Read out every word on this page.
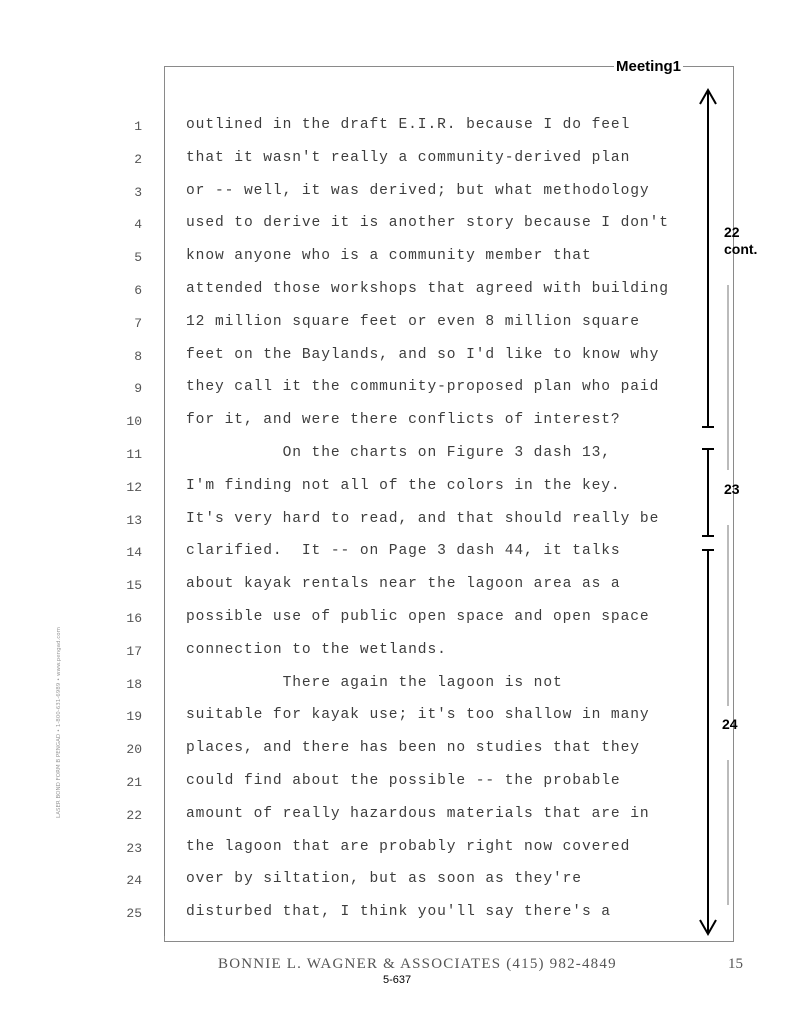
Meeting1
1	outlined in the draft E.I.R. because I do feel
2	that it wasn't really a community-derived plan
3	or -- well, it was derived; but what methodology
4	used to derive it is another story because I don't
5	know anyone who is a community member that
6	attended those workshops that agreed with building
7	12 million square feet or even 8 million square
8	feet on the Baylands, and so I'd like to know why
9	they call it the community-proposed plan who paid
10	for it, and were there conflicts of interest?
11	On the charts on Figure 3 dash 13,
12	I'm finding not all of the colors in the key.
13	It's very hard to read, and that should really be
14	clarified.  It -- on Page 3 dash 44, it talks
15	about kayak rentals near the lagoon area as a
16	possible use of public open space and open space
17	connection to the wetlands.
18	There again the lagoon is not
19	suitable for kayak use; it's too shallow in many
20	places, and there has been no studies that they
21	could find about the possible -- the probable
22	amount of really hazardous materials that are in
23	the lagoon that are probably right now covered
24	over by siltation, but as soon as they're
25	disturbed that, I think you'll say there's a
22
cont.
23
24
LASER BOND FORM B PENGAD • 1-800-631-6989 • www.pengad.com
BONNIE L. WAGNER & ASSOCIATES (415) 982-4849	15
5-637
